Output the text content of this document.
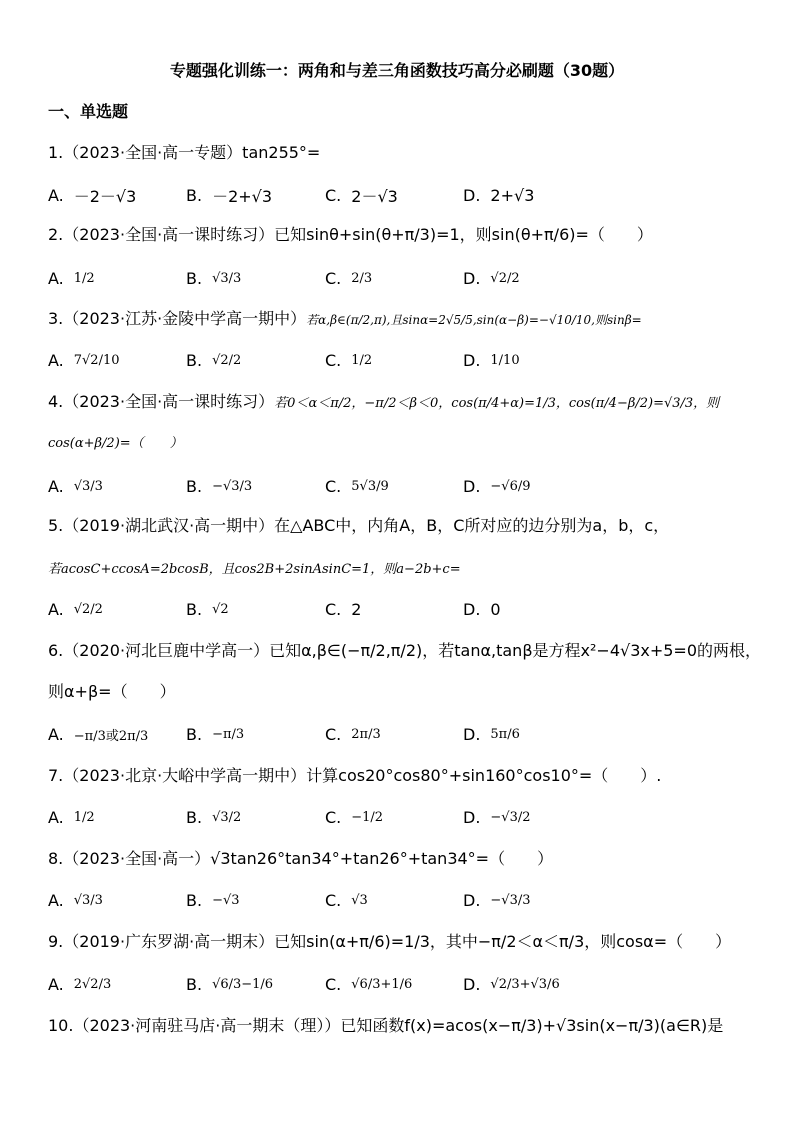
专题强化训练一：两角和与差三角函数技巧高分必刷题（30题）
一、单选题
1.（2023·全国·高一专题）tan255°=
A. －2－√3	B. －2+√3	C. 2－√3	D. 2+√3
2.（2023·全国·高一课时练习）已知sinθ+sin(θ+π/3)=1，则sin(θ+π/6)=（　　）
A. 1/2	B. √3/3	C. 2/3	D. √2/2
3.（2023·江苏·金陵中学高一期中）若α,β∈(π/2,π),且sinα=2√5/5,sin(α−β)=−√10/10,则sinβ=
A. 7√2/10	B. √2/2	C. 1/2	D. 1/10
4.（2023·全国·高一课时练习）若0＜α＜π/2，−π/2＜β＜0，cos(π/4+α)=1/3，cos(π/4−β/2)=√3/3，则
cos(α+β/2)=（　　）
A. √3/3	B. −√3/3	C. 5√3/9	D. −√6/9
5.（2019·湖北武汉·高一期中）在△ABC中，内角A，B，C所对应的边分别为a，b，c，
若acosC+ccosA=2bcosB，且cos2B+2sinAsinC=1，则a−2b+c=
A. √2/2	B. √2	C. 2	D. 0
6.（2020·河北巨鹿中学高一）已知α,β∈(−π/2,π/2)，若tanα,tanβ是方程x²−4√3x+5=0的两根，
则α+β=（　　）
A. −π/3或2π/3 B. −π/3	C. 2π/3	D. 5π/6
7.（2023·北京·大峪中学高一期中）计算cos20°cos80°+sin160°cos10°=（　　）.
A. 1/2	B. √3/2	C. −1/2	D. −√3/2
8.（2023·全国·高一）√3tan26°tan34°+tan26°+tan34°=（　　）
A. √3/3	B. −√3	C. √3	D. −√3/3
9.（2019·广东罗湖·高一期末）已知sin(α+π/6)=1/3，其中−π/2＜α＜π/3，则cosα=（　　）
A. 2√2/3	B. √6/3−1/6	C. √6/3+1/6	D. √2/3+√3/6
10.（2023·河南驻马店·高一期末（理））已知函数f(x)=acos(x−π/3)+√3sin(x−π/3)(a∈R)是
